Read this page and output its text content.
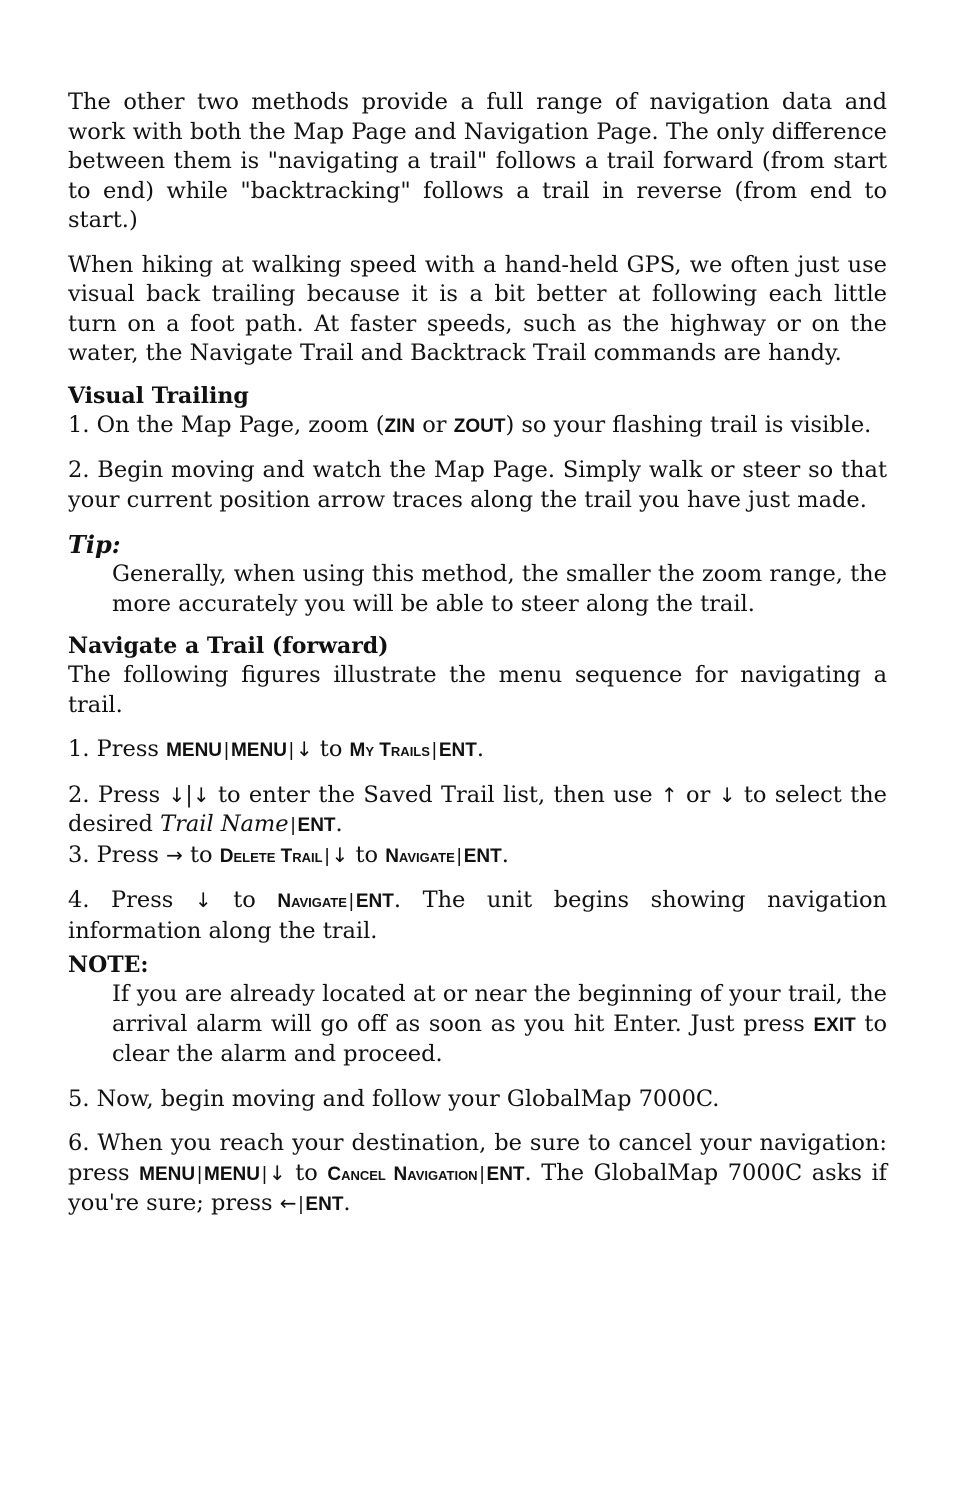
The other two methods provide a full range of navigation data and work with both the Map Page and Navigation Page. The only difference between them is "navigating a trail" follows a trail forward (from start to end) while "backtracking" follows a trail in reverse (from end to start.)

When hiking at walking speed with a hand-held GPS, we often just use visual back trailing because it is a bit better at following each little turn on a foot path. At faster speeds, such as the highway or on the water, the Navigate Trail and Backtrack Trail commands are handy.

Visual Trailing

1. On the Map Page, zoom (ZIN or ZOUT) so your flashing trail is visible.

2. Begin moving and watch the Map Page. Simply walk or steer so that your current position arrow traces along the trail you have just made.

Tip:

Generally, when using this method, the smaller the zoom range, the more accurately you will be able to steer along the trail.

Navigate a Trail (forward)

The following figures illustrate the menu sequence for navigating a trail.

1. Press MENU | MENU | ↓ to My Trails | ENT.

2. Press ↓|↓ to enter the Saved Trail list, then use ↑ or ↓ to select the desired Trail Name | ENT.

3. Press → to Delete Trail | ↓ to Navigate | ENT.

4. Press ↓ to Navigate | ENT. The unit begins showing navigation information along the trail.

NOTE:

If you are already located at or near the beginning of your trail, the arrival alarm will go off as soon as you hit Enter. Just press EXIT to clear the alarm and proceed.

5. Now, begin moving and follow your GlobalMap 7000C.

6. When you reach your destination, be sure to cancel your navigation: press MENU | MENU | ↓ to Cancel Navigation | ENT. The GlobalMap 7000C asks if you're sure; press ← | ENT.
